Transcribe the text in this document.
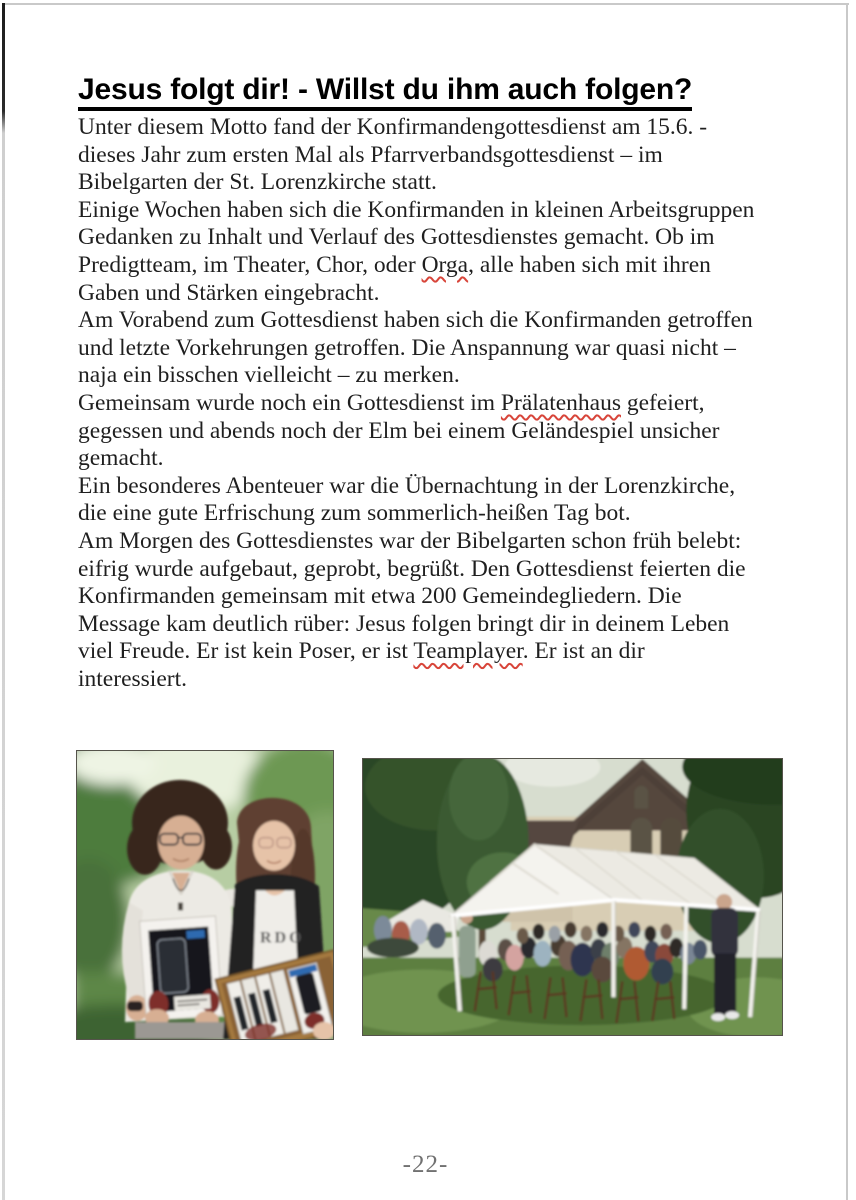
Jesus folgt dir! - Willst du ihm auch folgen?
Unter diesem Motto fand der Konfirmandengottesdienst am 15.6. -
dieses Jahr zum ersten Mal als Pfarrverbandsgottesdienst – im
Bibelgarten der St. Lorenzkirche statt.
Einige Wochen haben sich die Konfirmanden in kleinen Arbeitsgruppen
Gedanken zu Inhalt und Verlauf des Gottesdienstes gemacht. Ob im
Predigtteam, im Theater, Chor, oder Orga, alle haben sich mit ihren
Gaben und Stärken eingebracht.
Am Vorabend zum Gottesdienst haben sich die Konfirmanden getroffen
und letzte Vorkehrungen getroffen. Die Anspannung war quasi nicht –
naja ein bisschen vielleicht – zu merken.
Gemeinsam wurde noch ein Gottesdienst im Prälatenhaus gefeiert,
gegessen und abends noch der Elm bei einem Geländespiel unsicher
gemacht.
Ein besonderes Abenteuer war die Übernachtung in der Lorenzkirche,
die eine gute Erfrischung zum sommerlich-heißen Tag bot.
Am Morgen des Gottesdienstes war der Bibelgarten schon früh belebt:
eifrig wurde aufgebaut, geprobt, begrüßt. Den Gottesdienst feierten die
Konfirmanden gemeinsam mit etwa 200 Gemeindegliedern. Die
Message kam deutlich rüber: Jesus folgen bringt dir in deinem Leben
viel Freude. Er ist kein Poser, er ist Teamplayer. Er ist an dir
interessiert.
RDO
-22-
